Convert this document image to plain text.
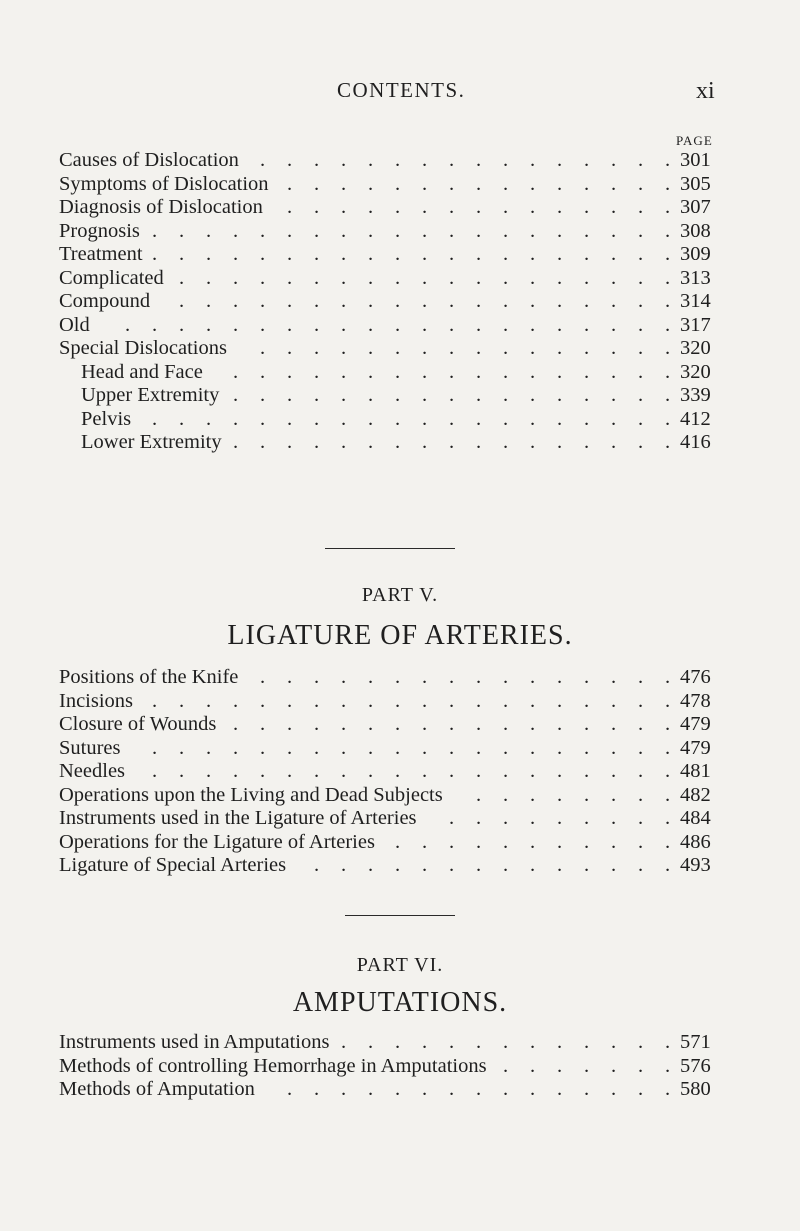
CONTENTS.	xi
PAGE
Causes of Dislocation	301
.
.
.
.
.
.
.
.
.
.
.
.
.
.
.
.
Symptoms of Dislocation	305
.
.
.
.
.
.
.
.
.
.
.
.
.
.
.
Diagnosis of Dislocation	307
.
.
.
.
.
.
.
.
.
.
.
.
.
.
.
Prognosis	308
.
.
.
.
.
.
.
.
.
.
.
.
.
.
.
.
.
.
.
.
Treatment	309
.
.
.
.
.
.
.
.
.
.
.
.
.
.
.
.
.
.
.
.
Complicated	313
.
.
.
.
.
.
.
.
.
.
.
.
.
.
.
.
.
.
.
Compound	314
.
.
.
.
.
.
.
.
.
.
.
.
.
.
.
.
.
.
.
Old	317
.
.
.
.
.
.
.
.
.
.
.
.
.
.
.
.
.
.
.
.
.
Special Dislocations	320
.
.
.
.
.
.
.
.
.
.
.
.
.
.
.
.
Head and Face	320
.
.
.
.
.
.
.
.
.
.
.
.
.
.
.
.
.
Upper Extremity	339
.
.
.
.
.
.
.
.
.
.
.
.
.
.
.
.
.
Pelvis	412
.
.
.
.
.
.
.
.
.
.
.
.
.
.
.
.
.
.
.
.
Lower Extremity	416
.
.
.
.
.
.
.
.
.
.
.
.
.
.
.
.
.
PART V.
LIGATURE OF ARTERIES.
Positions of the Knife	476
.
.
.
.
.
.
.
.
.
.
.
.
.
.
.
.
Incisions	478
.
.
.
.
.
.
.
.
.
.
.
.
.
.
.
.
.
.
.
.
Closure of Wounds	479
.
.
.
.
.
.
.
.
.
.
.
.
.
.
.
.
.
Sutures	479
.
.
.
.
.
.
.
.
.
.
.
.
.
.
.
.
.
.
.
.
Needles	481
.
.
.
.
.
.
.
.
.
.
.
.
.
.
.
.
.
.
.
.
Operations upon the Living and Dead Subjects	482
.
.
.
.
.
.
.
.
Instruments used in the Ligature of Arteries	484
.
.
.
.
.
.
.
.
.
Operations for the Ligature of Arteries	486
.
.
.
.
.
.
.
.
.
.
.
Ligature of Special Arteries	493
.
.
.
.
.
.
.
.
.
.
.
.
.
.
PART VI.
AMPUTATIONS.
Instruments used in Amputations	571
.
.
.
.
.
.
.
.
.
.
.
.
.
Methods of controlling Hemorrhage in Amputations	576
.
.
.
.
.
.
.
Methods of Amputation	580
.
.
.
.
.
.
.
.
.
.
.
.
.
.
.
